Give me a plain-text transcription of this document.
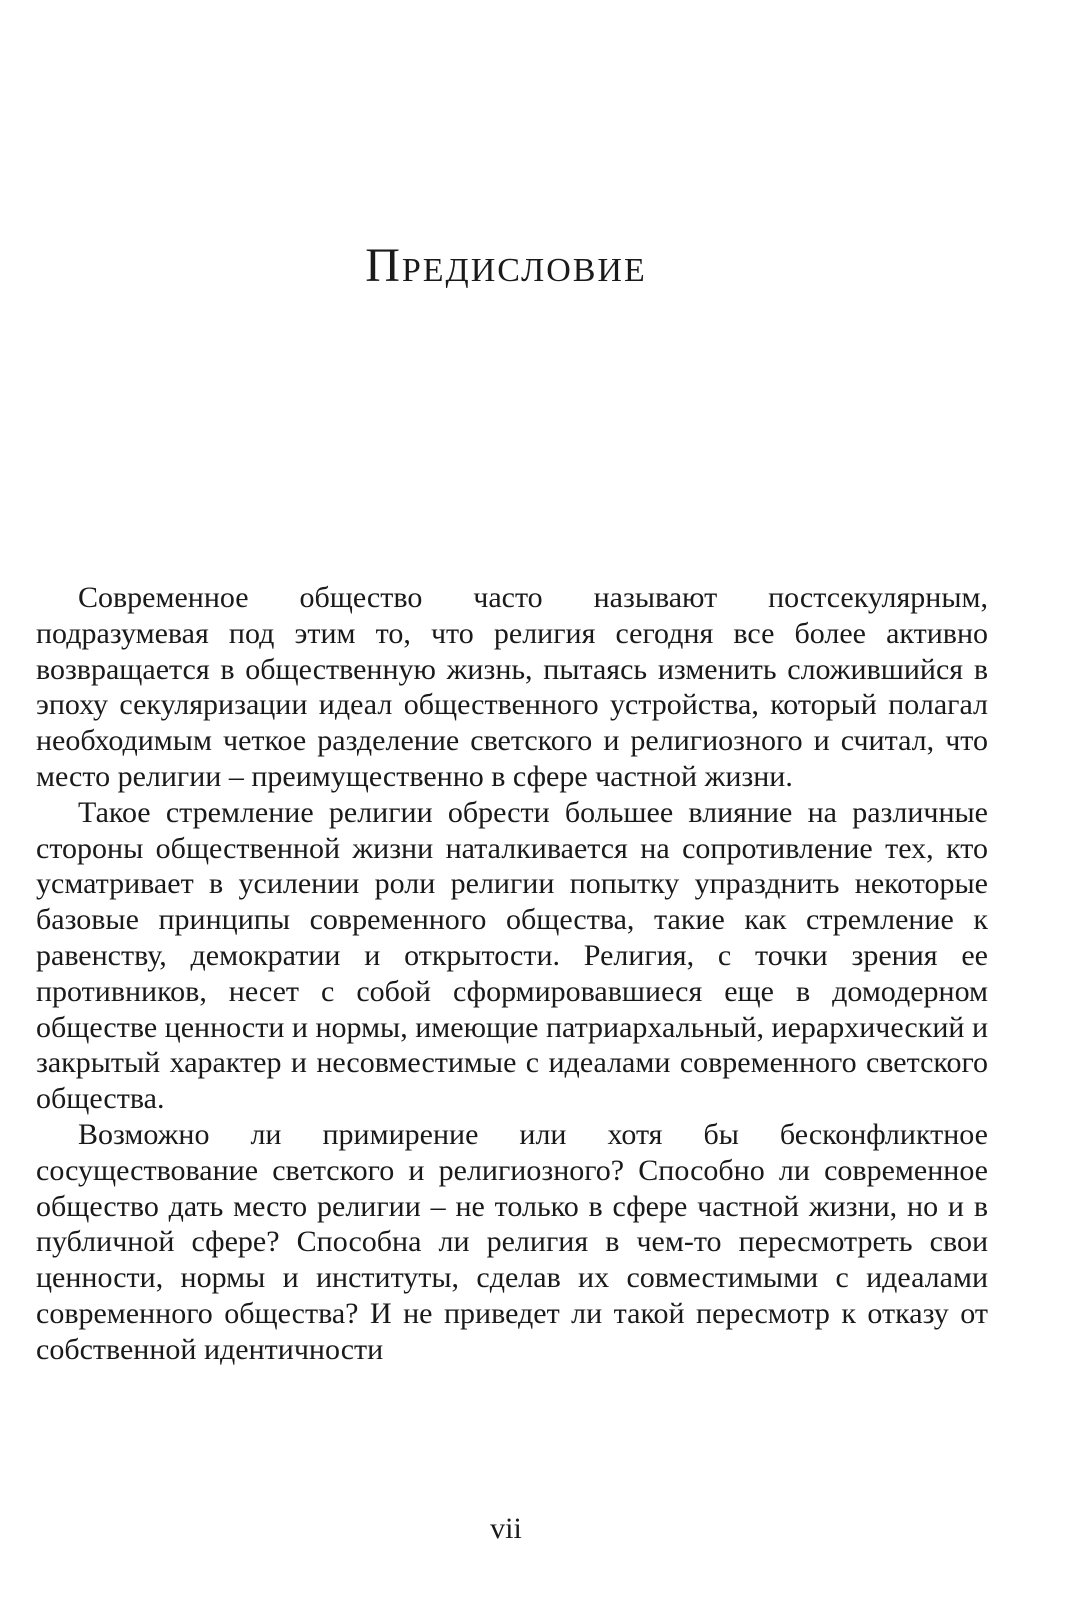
Предисловие

Современное общество часто называют постсекулярным, подразумевая под этим то, что религия сегодня все более активно возвращается в общественную жизнь, пытаясь изменить сложившийся в эпоху секуляризации идеал общественного устройства, который полагал необходимым четкое разделение светского и религиозного и считал, что место религии – преимущественно в сфере частной жизни.

Такое стремление религии обрести большее влияние на различные стороны общественной жизни наталкивается на сопротивление тех, кто усматривает в усилении роли религии попытку упразднить некоторые базовые принципы современного общества, такие как стремление к равенству, демократии и открытости. Религия, с точки зрения ее противников, несет с собой сформировавшиеся еще в домодерном обществе ценности и нормы, имеющие патриархальный, иерархический и закрытый характер и несовместимые с идеалами современного светского общества.

Возможно ли примирение или хотя бы бесконфликтное сосуществование светского и религиозного? Способно ли современное общество дать место религии – не только в сфере частной жизни, но и в публичной сфере? Способна ли религия в чем-то пересмотреть свои ценности, нормы и институты, сделав их совместимыми с идеалами современного общества? И не приведет ли такой пересмотр к отказу от собственной идентичности

vii
